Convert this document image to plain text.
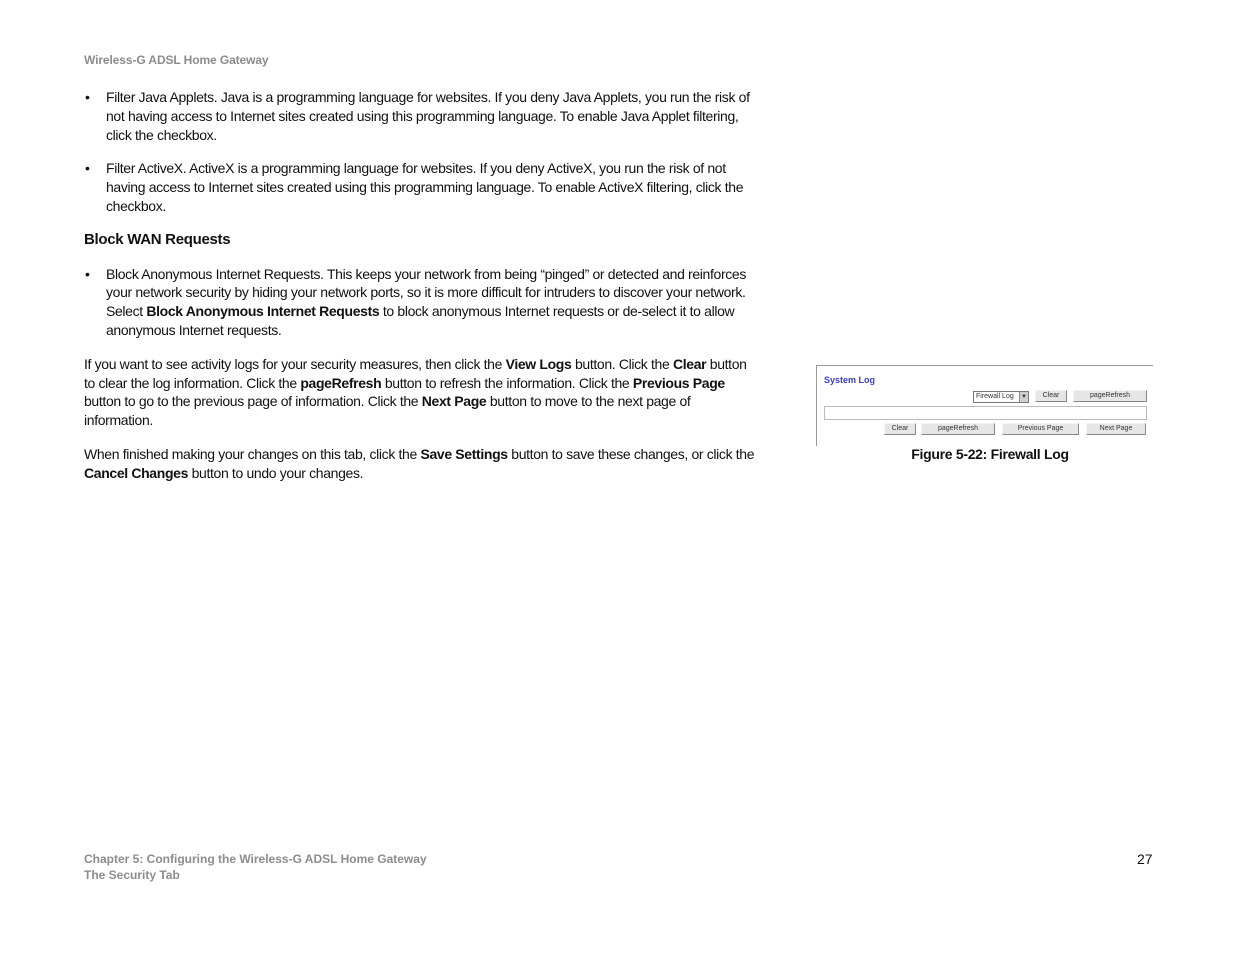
Wireless-G ADSL Home Gateway
• Filter Java Applets. Java is a programming language for websites. If you deny Java Applets, you run the risk of not having access to Internet sites created using this programming language. To enable Java Applet filtering, click the checkbox.
• Filter ActiveX. ActiveX is a programming language for websites. If you deny ActiveX, you run the risk of not having access to Internet sites created using this programming language. To enable ActiveX filtering, click the checkbox.
Block WAN Requests
• Block Anonymous Internet Requests. This keeps your network from being “pinged” or detected and reinforces your network security by hiding your network ports, so it is more difficult for intruders to discover your network. Select Block Anonymous Internet Requests to block anonymous Internet requests or de-select it to allow anonymous Internet requests.
If you want to see activity logs for your security measures, then click the View Logs button. Click the Clear button to clear the log information. Click the pageRefresh button to refresh the information. Click the Previous Page button to go to the previous page of information. Click the Next Page button to move to the next page of information.
When finished making your changes on this tab, click the Save Settings button to save these changes, or click the Cancel Changes button to undo your changes.
System Log
Firewall Log	▼	Clear	pageRefresh
Clear	pageRefresh	Previous Page	Next Page
Figure 5-22: Firewall Log
Chapter 5: Configuring the Wireless-G ADSL Home Gateway
The Security Tab
27
